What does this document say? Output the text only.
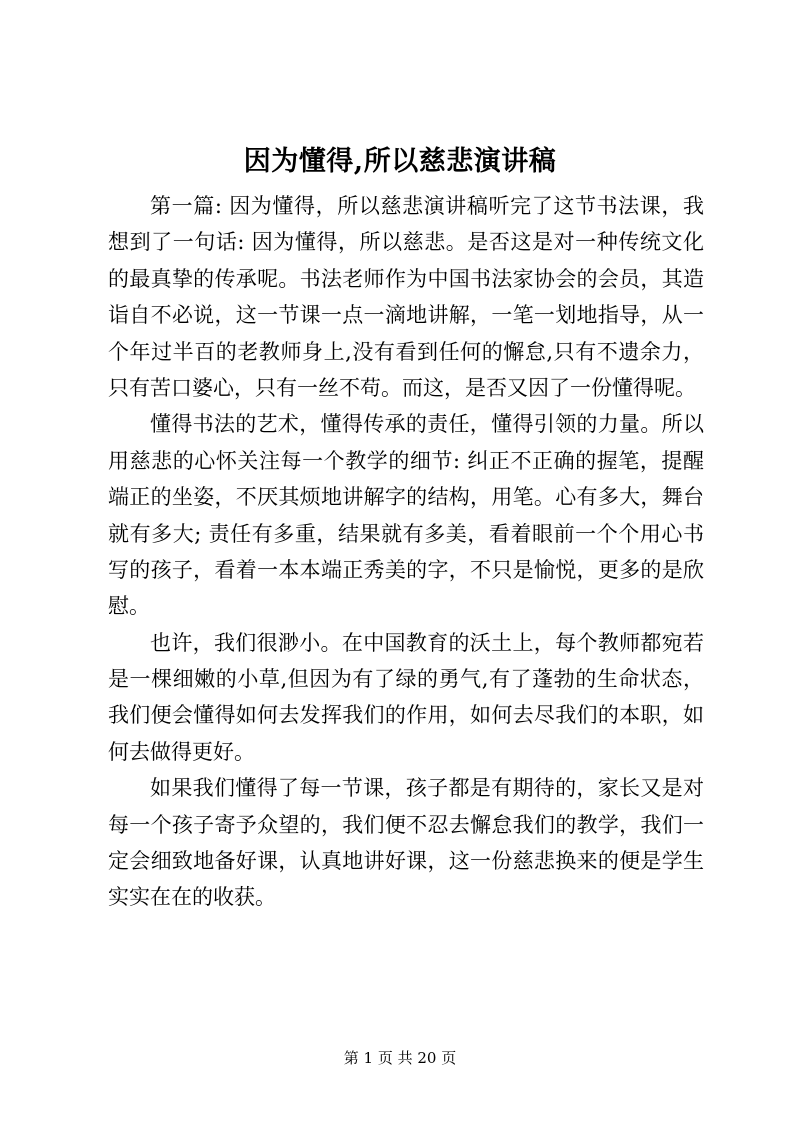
因为懂得,所以慈悲演讲稿
第一篇: 因为懂得，所以慈悲演讲稿听完了这节书法课，我
想到了一句话: 因为懂得，所以慈悲。是否这是对一种传统文化
的最真挚的传承呢。书法老师作为中国书法家协会的会员，其造
诣自不必说，这一节课一点一滴地讲解，一笔一划地指导，从一
个年过半百的老教师身上,没有看到任何的懈怠,只有不遗余力，
只有苦口婆心，只有一丝不苟。而这，是否又因了一份懂得呢。
懂得书法的艺术，懂得传承的责任，懂得引领的力量。所以
用慈悲的心怀关注每一个教学的细节: 纠正不正确的握笔，提醒
端正的坐姿，不厌其烦地讲解字的结构，用笔。心有多大，舞台
就有多大; 责任有多重，结果就有多美，看着眼前一个个用心书
写的孩子，看着一本本端正秀美的字，不只是愉悦，更多的是欣
慰。
也许，我们很渺小。在中国教育的沃土上，每个教师都宛若
是一棵细嫩的小草,但因为有了绿的勇气,有了蓬勃的生命状态，
我们便会懂得如何去发挥我们的作用，如何去尽我们的本职，如
何去做得更好。
如果我们懂得了每一节课，孩子都是有期待的，家长又是对
每一个孩子寄予众望的，我们便不忍去懈怠我们的教学，我们一
定会细致地备好课，认真地讲好课，这一份慈悲换来的便是学生
实实在在的收获。
第 1 页 共 20 页
